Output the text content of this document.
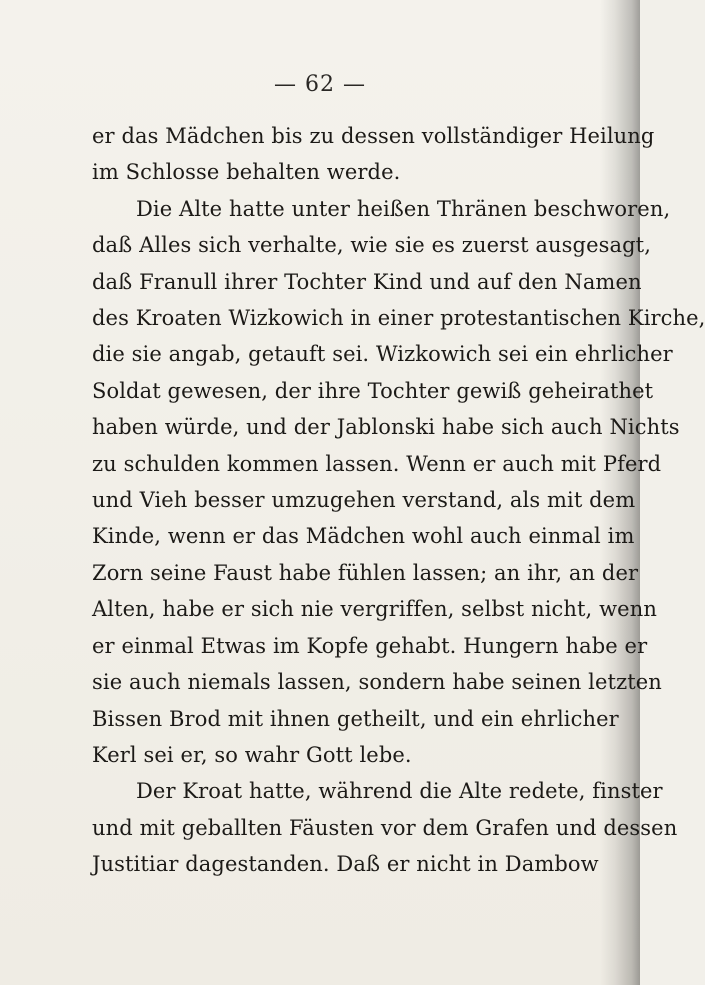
— 62 —
er das Mädchen bis zu dessen vollständiger Heilung
im Schlosse behalten werde.
Die Alte hatte unter heißen Thränen beschworen,
daß Alles sich verhalte, wie sie es zuerst ausgesagt,
daß Franull ihrer Tochter Kind und auf den Namen
des Kroaten Wizkowich in einer protestantischen Kirche,
die sie angab, getauft sei. Wizkowich sei ein ehrlicher
Soldat gewesen, der ihre Tochter gewiß geheirathet
haben würde, und der Jablonski habe sich auch Nichts
zu schulden kommen lassen. Wenn er auch mit Pferd
und Vieh besser umzugehen verstand, als mit dem
Kinde, wenn er das Mädchen wohl auch einmal im
Zorn seine Faust habe fühlen lassen; an ihr, an der
Alten, habe er sich nie vergriffen, selbst nicht, wenn
er einmal Etwas im Kopfe gehabt. Hungern habe er
sie auch niemals lassen, sondern habe seinen letzten
Bissen Brod mit ihnen getheilt, und ein ehrlicher
Kerl sei er, so wahr Gott lebe.
Der Kroat hatte, während die Alte redete, finster
und mit geballten Fäusten vor dem Grafen und dessen
Justitiar dagestanden. Daß er nicht in Dambow
